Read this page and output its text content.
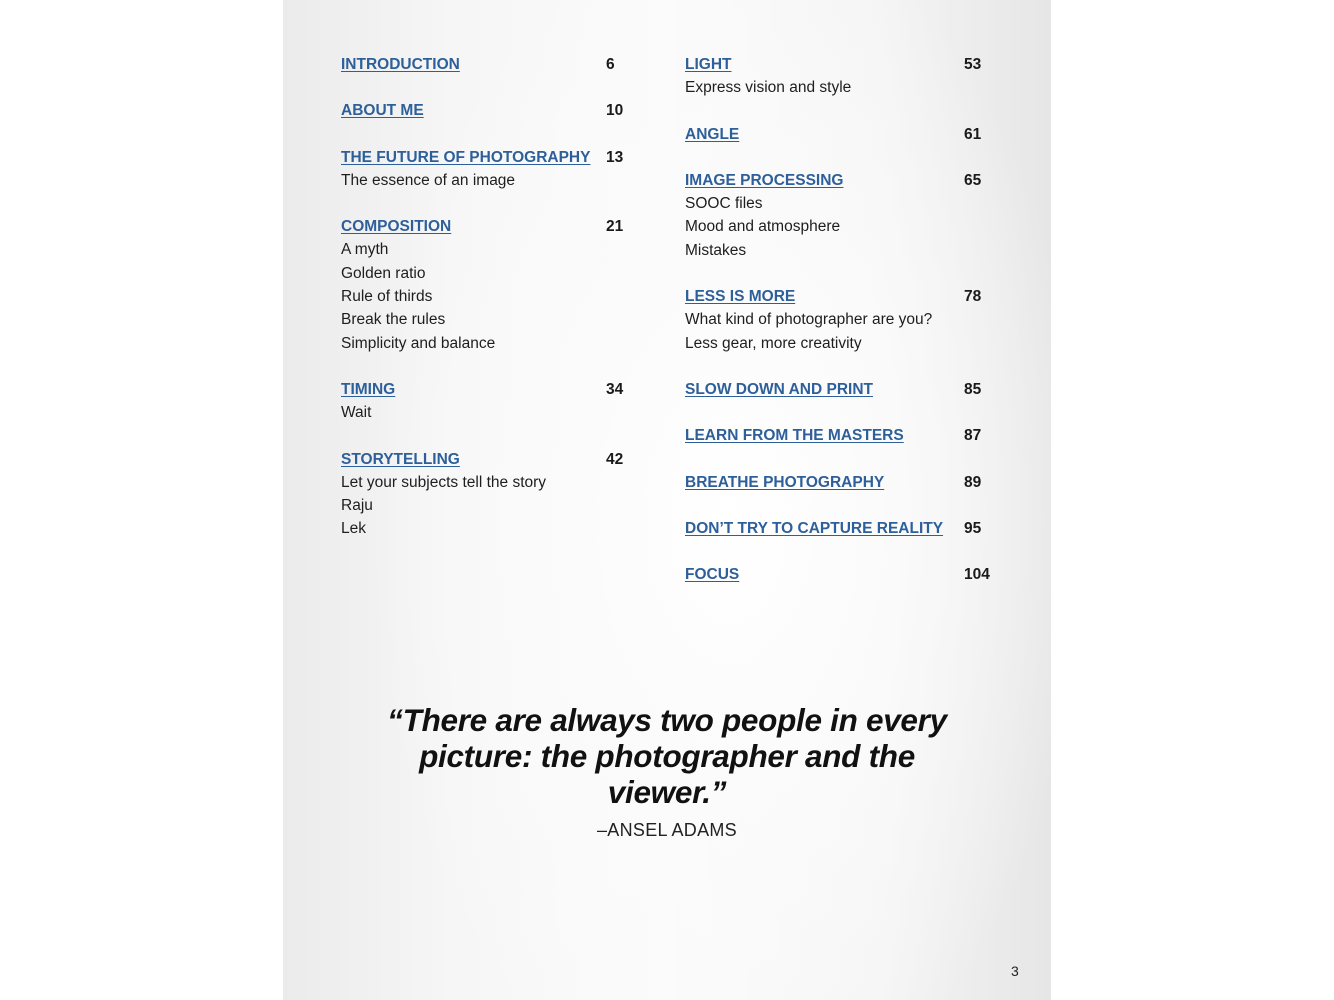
INTRODUCTION	6
ABOUT ME	10
THE FUTURE OF PHOTOGRAPHY 13
The essence of an image
COMPOSITION	21
A myth
Golden ratio
Rule of thirds
Break the rules
Simplicity and balance
TIMING	34
Wait
STORYTELLING	42
Let your subjects tell the story
Raju
Lek
LIGHT	53
Express vision and style
ANGLE	61
IMAGE PROCESSING	65
SOOC files
Mood and atmosphere
Mistakes
LESS IS MORE	78
What kind of photographer are you?
Less gear, more creativity
SLOW DOWN AND PRINT	85
LEARN FROM THE MASTERS	87
BREATHE PHOTOGRAPHY	89
DON’T TRY TO CAPTURE REALITY 95
FOCUS	104
“There are always two people in every picture: the photographer and the viewer.”
–ANSEL ADAMS
3
